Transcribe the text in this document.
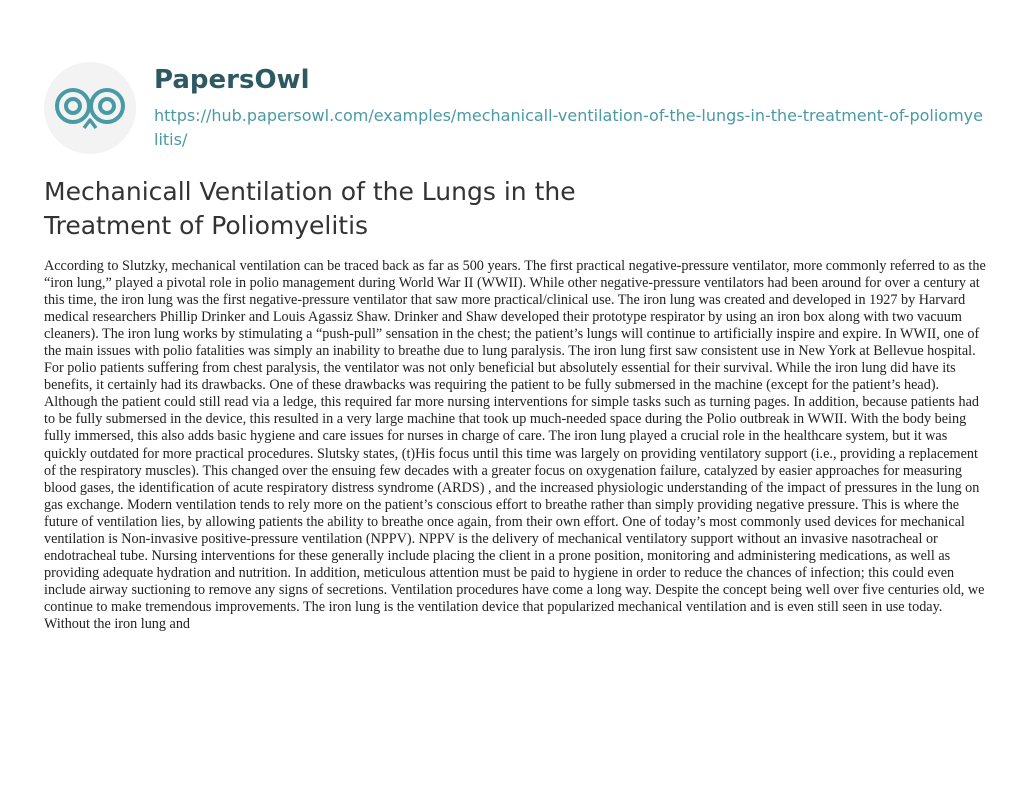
PapersOwl
https://hub.papersowl.com/examples/mechanicall-ventilation-of-the-lungs-in-the-treatment-of-poliomyelitis/
Mechanicall Ventilation of the Lungs in the Treatment of Poliomyelitis

According to Slutzky, mechanical ventilation can be traced back as far as 500 years. The first practical negative-pressure ventilator, more commonly referred to as the “iron lung,” played a pivotal role in polio management during World War II (WWII). While other negative-pressure ventilators had been around for over a century at this time, the iron lung was the first negative-pressure ventilator that saw more practical/clinical use. The iron lung was created and developed in 1927 by Harvard medical researchers Phillip Drinker and Louis Agassiz Shaw. Drinker and Shaw developed their prototype respirator by using an iron box along with two vacuum cleaners). The iron lung works by stimulating a “push-pull” sensation in the chest; the patient’s lungs will continue to artificially inspire and expire. In WWII, one of the main issues with polio fatalities was simply an inability to breathe due to lung paralysis. The iron lung first saw consistent use in New York at Bellevue hospital. For polio patients suffering from chest paralysis, the ventilator was not only beneficial but absolutely essential for their survival. While the iron lung did have its benefits, it certainly had its drawbacks. One of these drawbacks was requiring the patient to be fully submersed in the machine (except for the patient’s head). Although the patient could still read via a ledge, this required far more nursing interventions for simple tasks such as turning pages. In addition, because patients had to be fully submersed in the device, this resulted in a very large machine that took up much-needed space during the Polio outbreak in WWII. With the body being fully immersed, this also adds basic hygiene and care issues for nurses in charge of care. The iron lung played a crucial role in the healthcare system, but it was quickly outdated for more practical procedures. Slutsky states, (t)His focus until this time was largely on providing ventilatory support (i.e., providing a replacement of the respiratory muscles). This changed over the ensuing few decades with a greater focus on oxygenation failure, catalyzed by easier approaches for measuring blood gases, the identification of acute respiratory distress syndrome (ARDS) , and the increased physiologic understanding of the impact of pressures in the lung on gas exchange. Modern ventilation tends to rely more on the patient’s conscious effort to breathe rather than simply providing negative pressure. This is where the future of ventilation lies, by allowing patients the ability to breathe once again, from their own effort. One of today’s most commonly used devices for mechanical ventilation is Non-invasive positive-pressure ventilation (NPPV). NPPV is the delivery of mechanical ventilatory support without an invasive nasotracheal or endotracheal tube. Nursing interventions for these generally include placing the client in a prone position, monitoring and administering medications, as well as providing adequate hydration and nutrition. In addition, meticulous attention must be paid to hygiene in order to reduce the chances of infection; this could even include airway suctioning to remove any signs of secretions. Ventilation procedures have come a long way. Despite the concept being well over five centuries old, we continue to make tremendous improvements. The iron lung is the ventilation device that popularized mechanical ventilation and is even still seen in use today. Without the iron lung and
